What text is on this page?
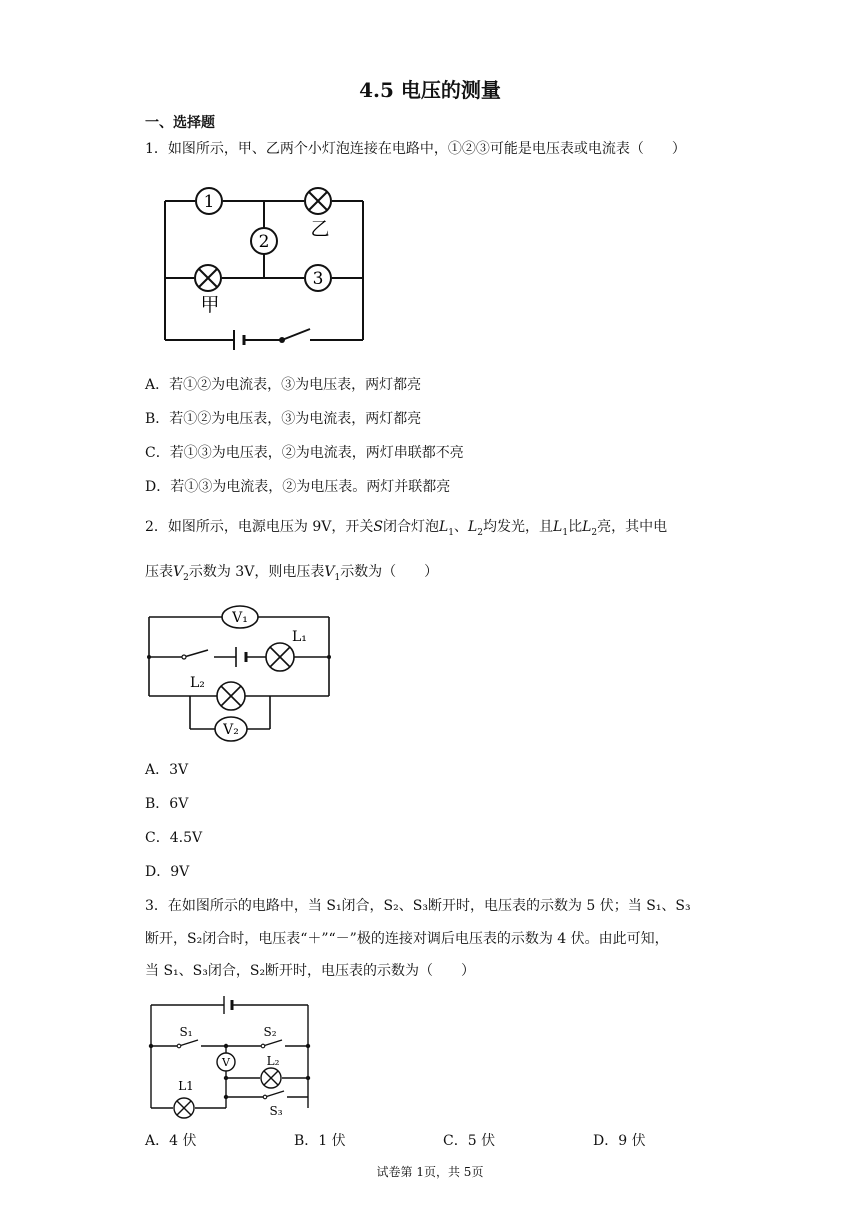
4.5 电压的测量
一、选择题
1．如图所示，甲、乙两个小灯泡连接在电路中，①②③可能是电压表或电流表（　　）
1
2
3
乙
甲
A．若①②为电流表，③为电压表，两灯都亮
B．若①②为电压表，③为电流表，两灯都亮
C．若①③为电压表，②为电流表，两灯串联都不亮
D．若①③为电流表，②为电压表。两灯并联都亮
2．如图所示，电源电压为 9V，开关S闭合灯泡$L_1$、$L_2$均发光，且$L_1$比$L_2$亮，其中电
压表$V_2$示数为 3V，则电压表$V_1$示数为（　　）
V₁
L₁
L₂
V₂
A．3V
B．6V
C．4.5V
D．9V
3．在如图所示的电路中，当 S₁闭合，S₂、S₃断开时，电压表的示数为 5 伏；当 S₁、S₃
断开，S₂闭合时，电压表“＋”“－”极的连接对调后电压表的示数为 4 伏。由此可知，
当 S₁、S₃闭合，S₂断开时，电压表的示数为（　　）
S₁	S₂
S₃
V	L₂
L1
A．4 伏	B．1 伏	C．5 伏	D．9 伏
试卷第 1页，共 5页
